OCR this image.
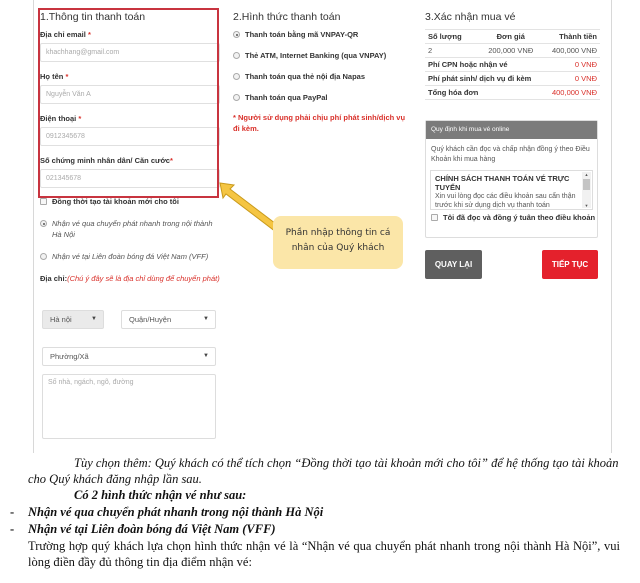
1.Thông tin thanh toán
Địa chỉ email *
khachhang@gmail.com
Họ tên *
Nguyễn Văn A
Điện thoại *
0912345678
Số chứng minh nhân dân/ Căn cước*
021345678
Đồng thời tạo tài khoản mới cho tôi
Nhận vé qua chuyển phát nhanh trong nội thành Hà Nội
Nhận vé tại Liên đoàn bóng đá Việt Nam (VFF)
Địa chỉ:(Chú ý đây sẽ là địa chỉ dùng để chuyển phát)
Hà nội	▼	Quận/Huyện	▼
Phường/Xã	▼
Số nhà, ngách, ngõ, đường
2.Hình thức thanh toán
Thanh toán bằng mã VNPAY-QR
Thẻ ATM, Internet Banking (qua VNPAY)
Thanh toán qua thẻ nội địa Napas
Thanh toán qua PayPal
* Người sử dụng phải chịu phí phát sinh/dịch vụ đi kèm.
3.Xác nhận mua vé
Số lượng	Đơn giá	Thành tiền
2	200,000 VNĐ	400,000 VNĐ
Phí CPN hoặc nhận vé		0 VNĐ
Phí phát sinh/ dịch vụ đi kèm		0 VNĐ
Tổng hóa đơn		400,000 VNĐ
Quy định khi mua vé online
Quý khách cần đọc và chấp nhận đồng ý theo Điều Khoản khi mua hàng
CHÍNH SÁCH THANH TOÁN VÉ TRỰC TUYẾN
Xin vui lòng đọc các điều khoản sau cẩn thận trước khi sử dụng dịch vụ thanh toán
▲
▼
Tôi đã đọc và đồng ý tuân theo điều khoản
QUAY LẠI	TIẾP TỤC
Phần nhập thông tin cá
nhân của Quý khách
Tùy chọn thêm: Quý khách có thể tích chọn “Đồng thời tạo tài khoản mới cho tôi” để hệ thống tạo tài khoản cho Quý khách đăng nhập lần sau.
Có 2 hình thức nhận vé như sau:
-	Nhận vé qua chuyển phát nhanh trong nội thành Hà Nội
-	Nhận vé tại Liên đoàn bóng đá Việt Nam (VFF)
Trường hợp quý khách lựa chọn hình thức nhận vé là “Nhận vé qua chuyển phát nhanh trong nội thành Hà Nội”, vui lòng điền đầy đủ thông tin địa điểm nhận vé:
